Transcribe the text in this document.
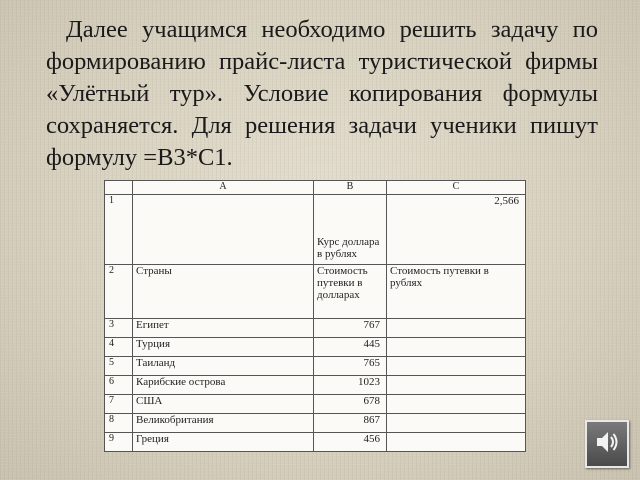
Далее учащимся необходимо решить задачу по формированию прайс-листа туристической фирмы «Улётный тур». Условие копирования формулы сохраняется. Для решения задачи ученики пишут формулу =B3*C1.

	A	B	C
1		Курс доллара в рублях	2,566
2	Страны	Стоимость путевки в долларах	Стоимость путевки в рублях
3	Египет	767	
4	Турция	445	
5	Таиланд	765	
6	Карибские острова	1023	
7	США	678	
8	Великобритания	867	
9	Греция	456	
